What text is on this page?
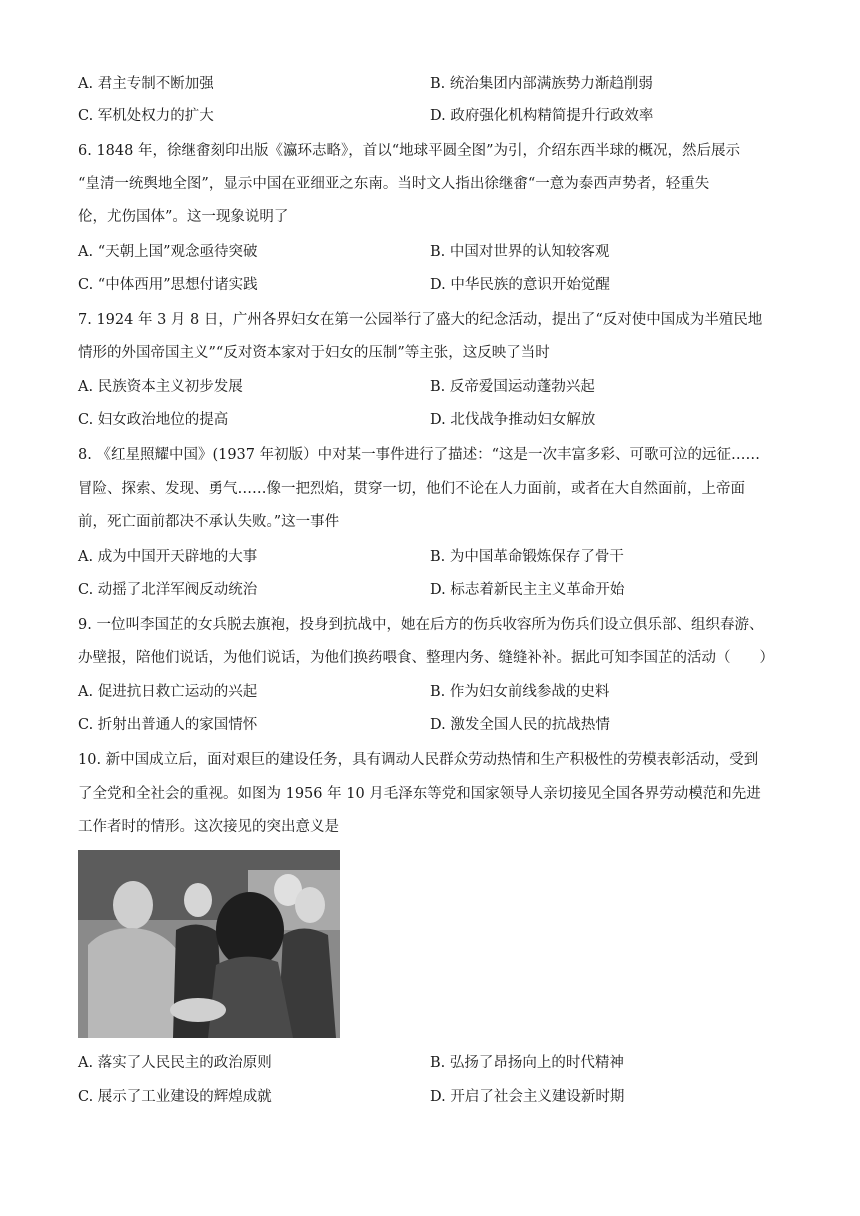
A. 君主专制不断加强	B. 统治集团内部满族势力渐趋削弱
C. 军机处权力的扩大	D. 政府强化机构精简提升行政效率
6. 1848 年，徐继畬刻印出版《瀛环志略》，首以“地球平圆全图”为引，介绍东西半球的概况，然后展示
“皇清一统舆地全图”，显示中国在亚细亚之东南。当时文人指出徐继畬“一意为泰西声势者，轻重失
伦，尤伤国体”。这一现象说明了
A. “天朝上国”观念亟待突破	B. 中国对世界的认知较客观
C. “中体西用”思想付诸实践	D. 中华民族的意识开始觉醒
7. 1924 年 3 月 8 日，广州各界妇女在第一公园举行了盛大的纪念活动，提出了“反对使中国成为半殖民地
情形的外国帝国主义”“反对资本家对于妇女的压制”等主张，这反映了当时
A. 民族资本主义初步发展	B. 反帝爱国运动蓬勃兴起
C. 妇女政治地位的提高	D. 北伐战争推动妇女解放
8. 《红星照耀中国》(1937 年初版）中对某一事件进行了描述：“这是一次丰富多彩、可歌可泣的远征……
冒险、探索、发现、勇气……像一把烈焰，贯穿一切，他们不论在人力面前，或者在大自然面前，上帝面
前，死亡面前都决不承认失败。”这一事件
A. 成为中国开天辟地的大事	B. 为中国革命锻炼保存了骨干
C. 动摇了北洋军阀反动统治	D. 标志着新民主主义革命开始
9. 一位叫李国芷的女兵脱去旗袍，投身到抗战中，她在后方的伤兵收容所为伤兵们设立俱乐部、组织春游、
办壁报，陪他们说话，为他们说话，为他们换药喂食、整理内务、缝缝补补。据此可知李国芷的活动（　　）
A. 促进抗日救亡运动的兴起	B. 作为妇女前线参战的史料
C. 折射出普通人的家国情怀	D. 激发全国人民的抗战热情
10. 新中国成立后，面对艰巨的建设任务，具有调动人民群众劳动热情和生产积极性的劳模表彰活动，受到
了全党和全社会的重视。如图为 1956 年 10 月毛泽东等党和国家领导人亲切接见全国各界劳动模范和先进
工作者时的情形。这次接见的突出意义是
A. 落实了人民民主的政治原则	B. 弘扬了昂扬向上的时代精神
C. 展示了工业建设的辉煌成就	D. 开启了社会主义建设新时期
